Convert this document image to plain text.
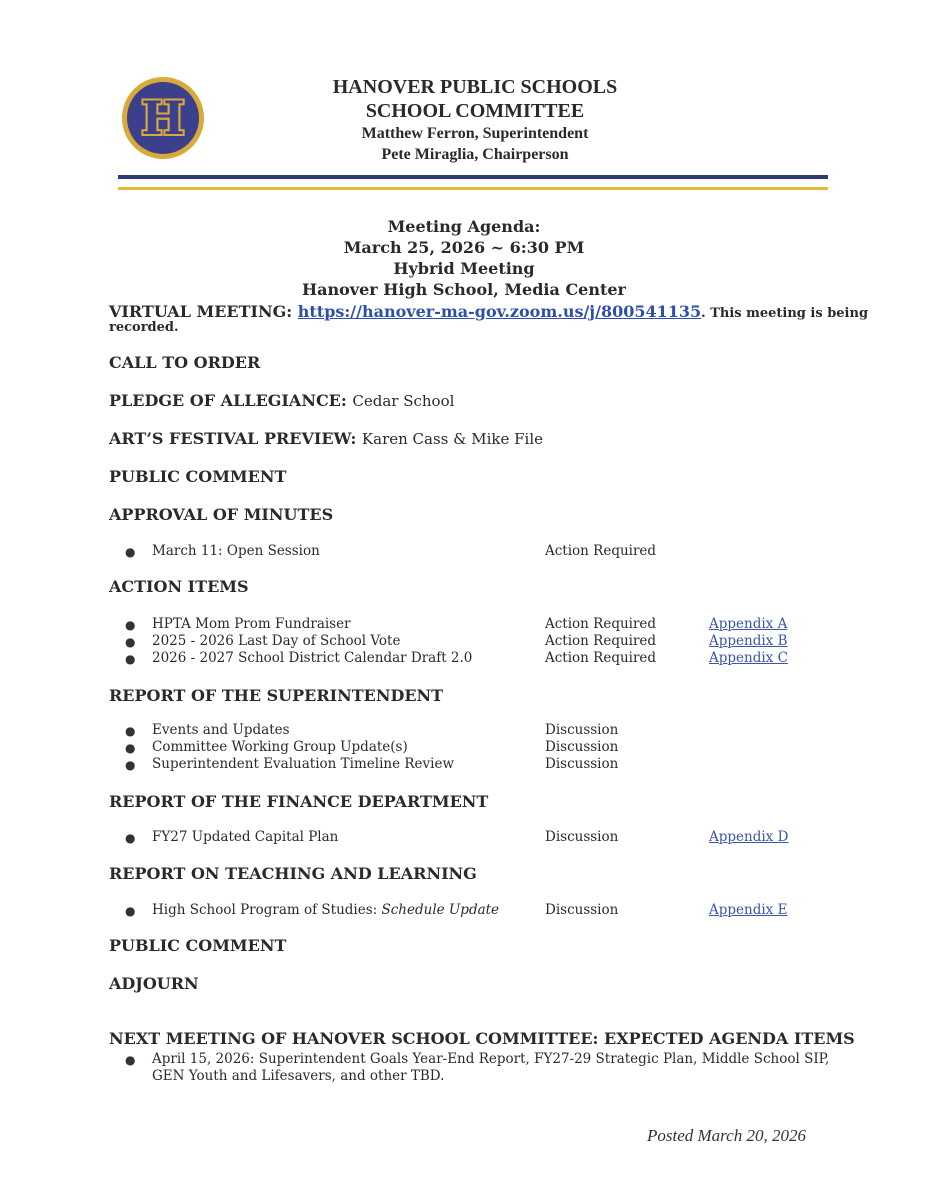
H
HANOVER PUBLIC SCHOOLS
SCHOOL COMMITTEE
Matthew Ferron, Superintendent
Pete Miraglia, Chairperson
Meeting Agenda:
March 25, 2026 ~ 6:30 PM
Hybrid Meeting
Hanover High School, Media Center
VIRTUAL MEETING: https://hanover-ma-gov.zoom.us/j/800541135. This meeting is being
recorded.
CALL TO ORDER
PLEDGE OF ALLEGIANCE: Cedar School
ART’S FESTIVAL PREVIEW: Karen Cass & Mike File
PUBLIC COMMENT
APPROVAL OF MINUTES
● March 11: Open Session	Action Required
ACTION ITEMS
● HPTA Mom Prom Fundraiser	Action Required	Appendix A
● 2025 - 2026 Last Day of School Vote	Action Required	Appendix B
● 2026 - 2027 School District Calendar Draft 2.0	Action Required	Appendix C
REPORT OF THE SUPERINTENDENT
● Events and Updates	Discussion
● Committee Working Group Update(s)	Discussion
● Superintendent Evaluation Timeline Review	Discussion
REPORT OF THE FINANCE DEPARTMENT
● FY27 Updated Capital Plan	Discussion	Appendix D
REPORT ON TEACHING AND LEARNING
● High School Program of Studies: Schedule Update	Discussion	Appendix E
PUBLIC COMMENT
ADJOURN
NEXT MEETING OF HANOVER SCHOOL COMMITTEE: EXPECTED AGENDA ITEMS
● April 15, 2026: Superintendent Goals Year-End Report, FY27-29 Strategic Plan, Middle School SIP,
GEN Youth and Lifesavers, and other TBD.
Posted March 20, 2026
